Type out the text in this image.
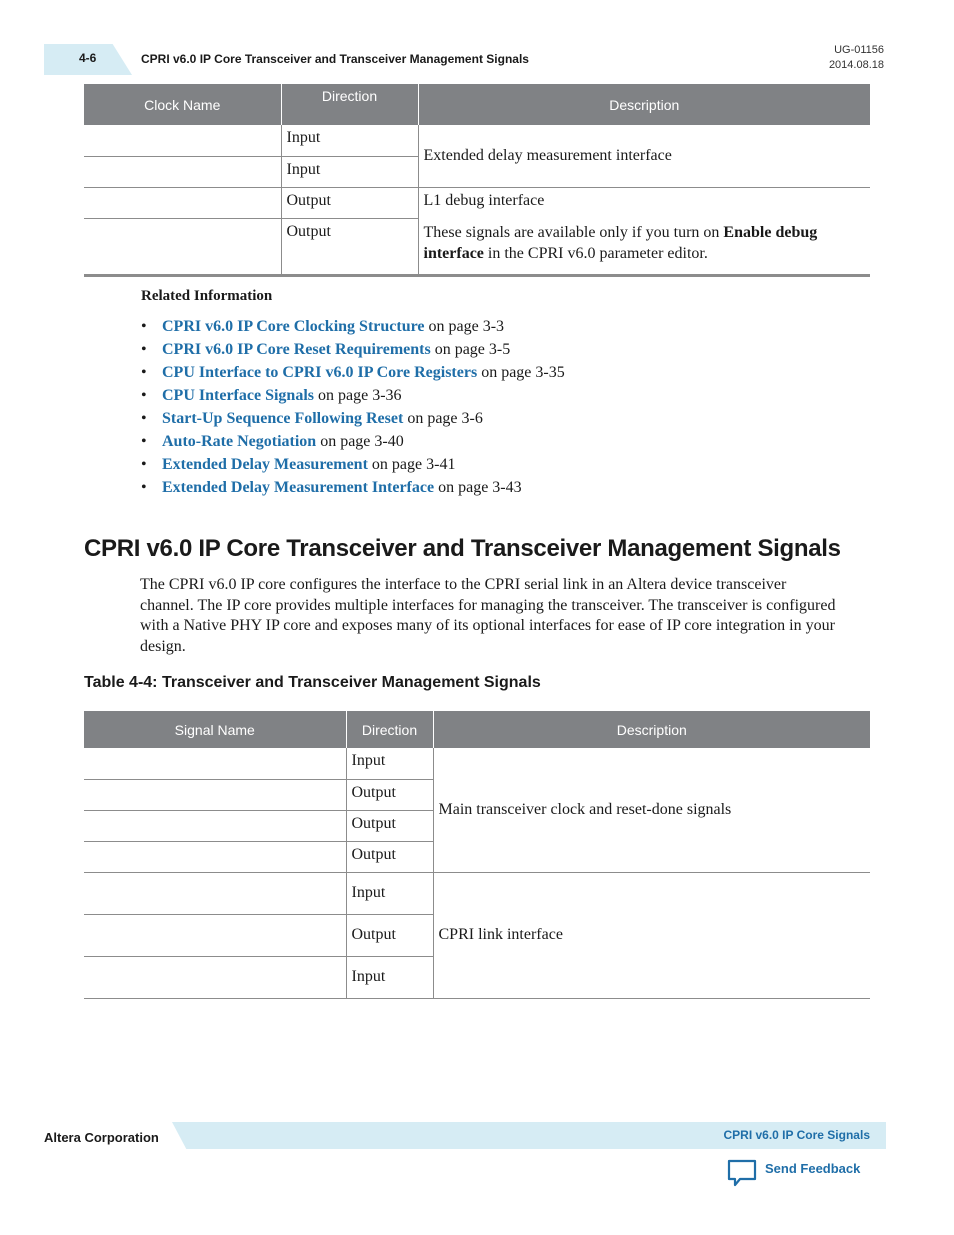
4-6	CPRI v6.0 IP Core Transceiver and Transceiver Management Signals
UG-01156
2014.08.18
Clock Name	Direction	Description
	Input	Extended delay measurement interface
	Input	
	Output	L1 debug interface
	Output	These signals are available only if you turn on Enable debug interface in the CPRI v6.0 parameter editor.
Related Information
• CPRI v6.0 IP Core Clocking Structure on page 3-3
• CPRI v6.0 IP Core Reset Requirements on page 3-5
• CPU Interface to CPRI v6.0 IP Core Registers on page 3-35
• CPU Interface Signals on page 3-36
• Start-Up Sequence Following Reset on page 3-6
• Auto-Rate Negotiation on page 3-40
• Extended Delay Measurement on page 3-41
• Extended Delay Measurement Interface on page 3-43
CPRI v6.0 IP Core Transceiver and Transceiver Management Signals

The CPRI v6.0 IP core configures the interface to the CPRI serial link in an Altera device transceiver channel. The IP core provides multiple interfaces for managing the transceiver. The transceiver is configured with a Native PHY IP core and exposes many of its optional interfaces for ease of IP core integration in your design.

Table 4-4: Transceiver and Transceiver Management Signals
Signal Name	Direction	Description
	Input	Main transceiver clock and reset-done signals
	Output	
	Output	
	Output	
	Input	CPRI link interface
	Output	
	Input	
Altera Corporation	CPRI v6.0 IP Core Signals
Send Feedback
